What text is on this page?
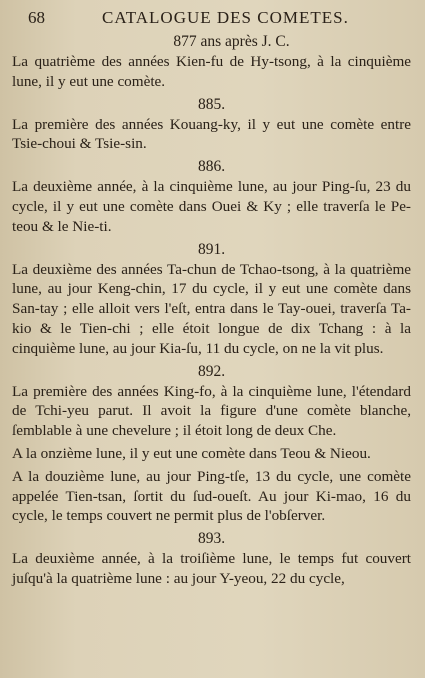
68	CATALOGUE DES COMETES.
877 ans après J. C.

La quatrième des années Kien-fu de Hy-tsong, à la cinquième lune, il y eut une comète.

885.

La première des années Kouang-ky, il y eut une comète entre Tsie-choui & Tsie-sin.

886.

La deuxième année, à la cinquième lune, au jour Ping-ſu, 23 du cycle, il y eut une comète dans Ouei & Ky ; elle traverſa le Pe-teou & le Nie-ti.

891.

La deuxième des années Ta-chun de Tchao-tsong, à la quatrième lune, au jour Keng-chin, 17 du cycle, il y eut une comète dans San-tay ; elle alloit vers l'eſt, entra dans le Tay-ouei, traverſa Ta-kio & le Tien-chi ; elle étoit longue de dix Tchang : à la cinquième lune, au jour Kia-ſu, 11 du cycle, on ne la vit plus.

892.

La première des années King-fo, à la cinquième lune, l'étendard de Tchi-yeu parut. Il avoit la figure d'une comète blanche, ſemblable à une chevelure ; il étoit long de deux Che.

A la onzième lune, il y eut une comète dans Teou & Nieou.

A la douzième lune, au jour Ping-tſe, 13 du cycle, une comète appelée Tien-tsan, ſortit du ſud-oueſt. Au jour Ki-mao, 16 du cycle, le temps couvert ne permit plus de l'obſerver.

893.

La deuxième année, à la troiſième lune, le temps fut couvert juſqu'à la quatrième lune : au jour Y-yeou, 22 du cycle,
